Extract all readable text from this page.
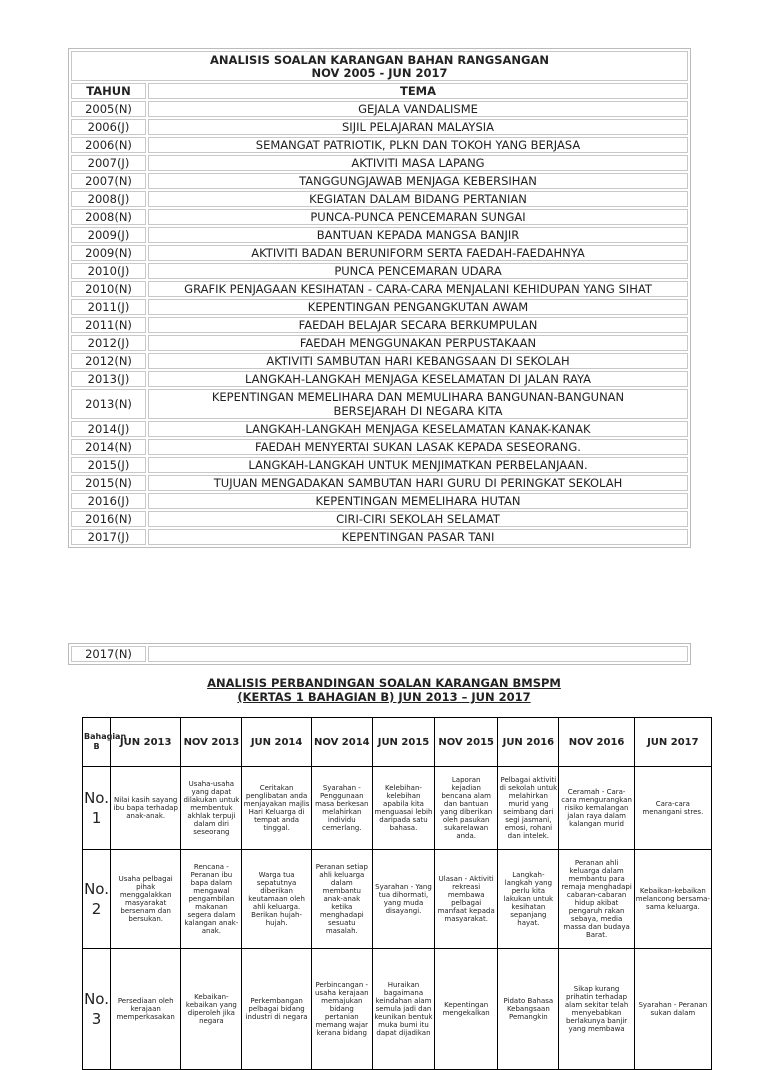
ANALISIS SOALAN KARANGAN BAHAN RANGSANGAN
NOV 2005 - JUN 2017	

TAHUN	TEMA
2005(N)	GEJALA VANDALISME
2006(J)	SIJIL PELAJARAN MALAYSIA
2006(N)	SEMANGAT PATRIOTIK, PLKN DAN TOKOH YANG BERJASA
2007(J)	AKTIVITI MASA LAPANG
2007(N)	TANGGUNGJAWAB MENJAGA KEBERSIHAN
2008(J)	KEGIATAN DALAM BIDANG PERTANIAN
2008(N)	PUNCA-PUNCA PENCEMARAN SUNGAI
2009(J)	BANTUAN KEPADA MANGSA BANJIR
2009(N)	AKTIVITI BADAN BERUNIFORM SERTA FAEDAH-FAEDAHNYA
2010(J)	PUNCA PENCEMARAN UDARA
2010(N)	GRAFIK PENJAGAAN KESIHATAN - CARA-CARA MENJALANI KEHIDUPAN YANG SIHAT
2011(J)	KEPENTINGAN PENGANGKUTAN AWAM
2011(N)	FAEDAH BELAJAR SECARA BERKUMPULAN
2012(J)	FAEDAH MENGGUNAKAN PERPUSTAKAAN
2012(N)	AKTIVITI SAMBUTAN HARI KEBANGSAAN DI SEKOLAH
2013(J)	LANGKAH-LANGKAH MENJAGA KESELAMATAN DI JALAN RAYA
2013(N)	KEPENTINGAN MEMELIHARA DAN MEMULIHARA BANGUNAN-BANGUNAN BERSEJARAH DI NEGARA KITA
2014(J)	LANGKAH-LANGKAH MENJAGA KESELAMATAN KANAK-KANAK
2014(N)	FAEDAH MENYERTAI SUKAN LASAK KEPADA SESEORANG.
2015(J)	LANGKAH-LANGKAH UNTUK MENJIMATKAN PERBELANJAAN.
2015(N)	TUJUAN MENGADAKAN SAMBUTAN HARI GURU DI PERINGKAT SEKOLAH
2016(J)	KEPENTINGAN MEMELIHARA HUTAN
2016(N)	CIRI-CIRI SEKOLAH SELAMAT
2017(J)	KEPENTINGAN PASAR TANI
2017(N)	
ANALISIS PERBANDINGAN SOALAN KARANGAN BMSPM
(KERTAS 1 BAHAGIAN B) JUN 2013 – JUN 2017
Bahagian B	JUN 2013	NOV 2013	JUN 2014	NOV 2014	JUN 2015	NOV 2015	JUN 2016	NOV 2016	JUN 2017
No. 1	Nilai kasih sayang ibu bapa terhadap anak-anak.	Usaha-usaha yang dapat dilakukan untuk membentuk akhlak terpuji dalam diri seseorang	Ceritakan penglibatan anda menjayakan majlis Hari Keluarga di tempat anda tinggal.	Syarahan - Penggunaan masa berkesan melahirkan individu cemerlang.	Kelebihan-kelebihan apabila kita menguasai lebih daripada satu bahasa.	Laporan kejadian bencana alam dan bantuan yang diberikan oleh pasukan sukarelawan anda.	Pelbagai aktiviti di sekolah untuk melahirkan murid yang seimbang dari segi jasmani, emosi, rohani dan intelek.	Ceramah - Cara-cara mengurangkan risiko kemalangan jalan raya dalam kalangan murid	Cara-cara menangani stres.
No. 2	Usaha pelbagai pihak menggalakkan masyarakat bersenam dan bersukan.	Rencana - Peranan ibu bapa dalam mengawal pengambilan makanan segera dalam kalangan anak-anak.	Warga tua sepatutnya diberikan keutamaan oleh ahli keluarga. Berikan hujah-hujah.	Peranan setiap ahli keluarga dalam membantu anak-anak ketika menghadapi sesuatu masalah.	Syarahan - Yang tua dihormati, yang muda disayangi.	Ulasan - Aktiviti rekreasi membawa pelbagai manfaat kepada masyarakat.	Langkah-langkah yang perlu kita lakukan untuk kesihatan sepanjang hayat.	Peranan ahli keluarga dalam membantu para remaja menghadapi cabaran-cabaran hidup akibat pengaruh rakan sebaya, media massa dan budaya Barat.	Kebaikan-kebaikan melancong bersama-sama keluarga.
No. 3	Persediaan oleh kerajaan memperkasakan	Kebaikan-kebaikan yang diperoleh jika negara	Perkembangan pelbagai bidang industri di negara	Perbincangan - usaha kerajaan memajukan bidang pertanian memang wajar kerana bidang	Huraikan bagaimana keindahan alam semula jadi dan keunikan bentuk muka bumi itu dapat dijadikan	Kepentingan mengekalkan	Pidato Bahasa Kebangsaan Pemangkin	Sikap kurang prihatin terhadap alam sekitar telah menyebabkan berlakunya banjir yang membawa	Syarahan - Peranan sukan dalam
